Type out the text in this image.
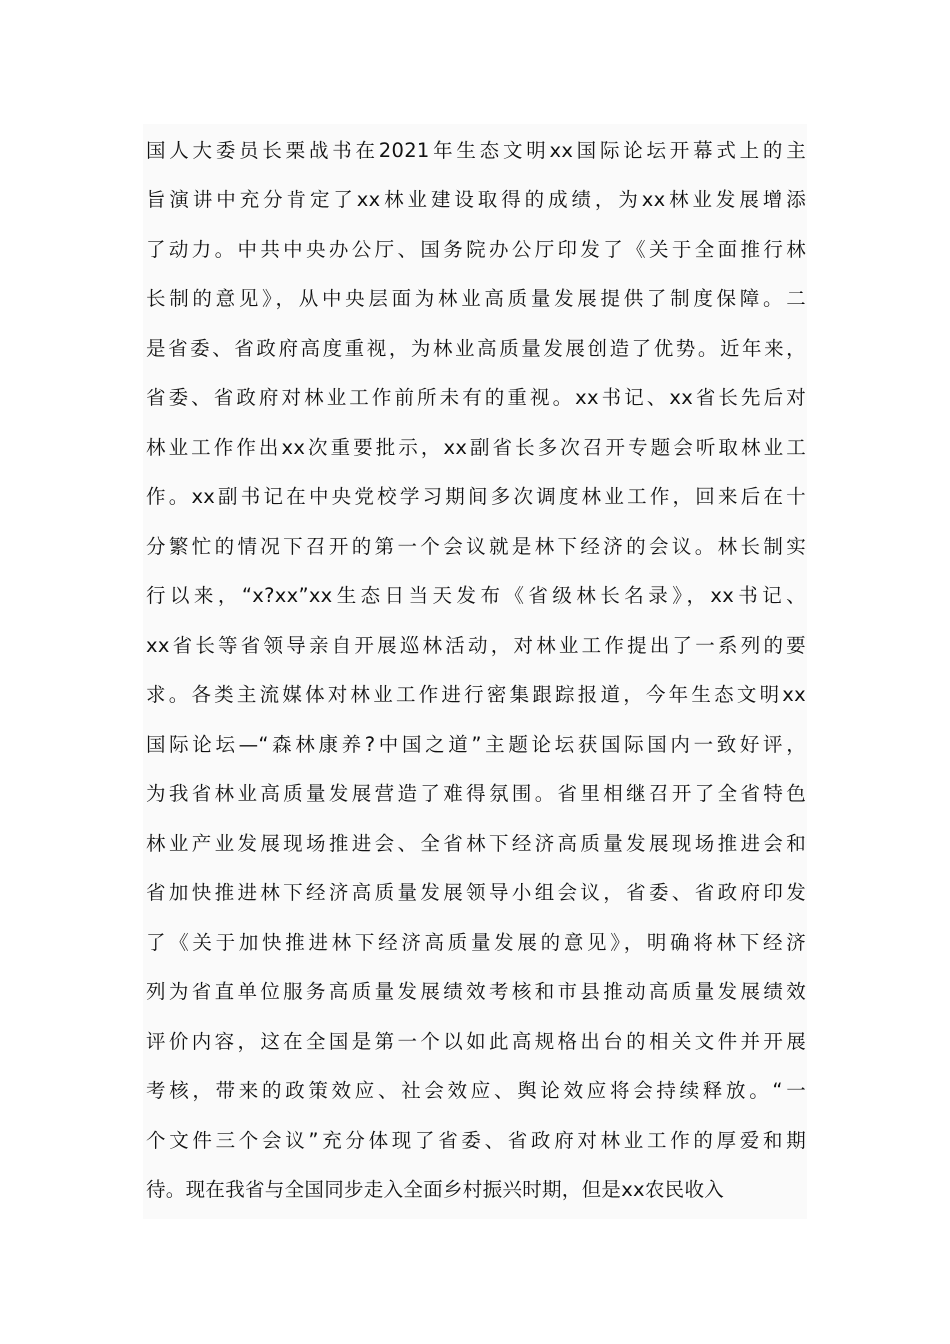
国人大委员长栗战书在2021年生态文明xx国际论坛开幕式上的主
旨演讲中充分肯定了xx林业建设取得的成绩，为xx林业发展增添
了动力。中共中央办公厅、国务院办公厅印发了《关于全面推行林
长制的意见》，从中央层面为林业高质量发展提供了制度保障。二
是省委、省政府高度重视，为林业高质量发展创造了优势。近年来，
省委、省政府对林业工作前所未有的重视。xx书记、xx省长先后对
林业工作作出xx次重要批示，xx副省长多次召开专题会听取林业工
作。xx副书记在中央党校学习期间多次调度林业工作，回来后在十
分繁忙的情况下召开的第一个会议就是林下经济的会议。林长制实
行以来，“x?xx”xx生态日当天发布《省级林长名录》，xx书记、
xx省长等省领导亲自开展巡林活动，对林业工作提出了一系列的要
求。各类主流媒体对林业工作进行密集跟踪报道，今年生态文明xx
国际论坛—“森林康养?中国之道”主题论坛获国际国内一致好评，
为我省林业高质量发展营造了难得氛围。省里相继召开了全省特色
林业产业发展现场推进会、全省林下经济高质量发展现场推进会和
省加快推进林下经济高质量发展领导小组会议，省委、省政府印发
了《关于加快推进林下经济高质量发展的意见》，明确将林下经济
列为省直单位服务高质量发展绩效考核和市县推动高质量发展绩效
评价内容，这在全国是第一个以如此高规格出台的相关文件并开展
考核，带来的政策效应、社会效应、舆论效应将会持续释放。“一
个文件三个会议”充分体现了省委、省政府对林业工作的厚爱和期
待。现在我省与全国同步走入全面乡村振兴时期，但是xx农民收入
